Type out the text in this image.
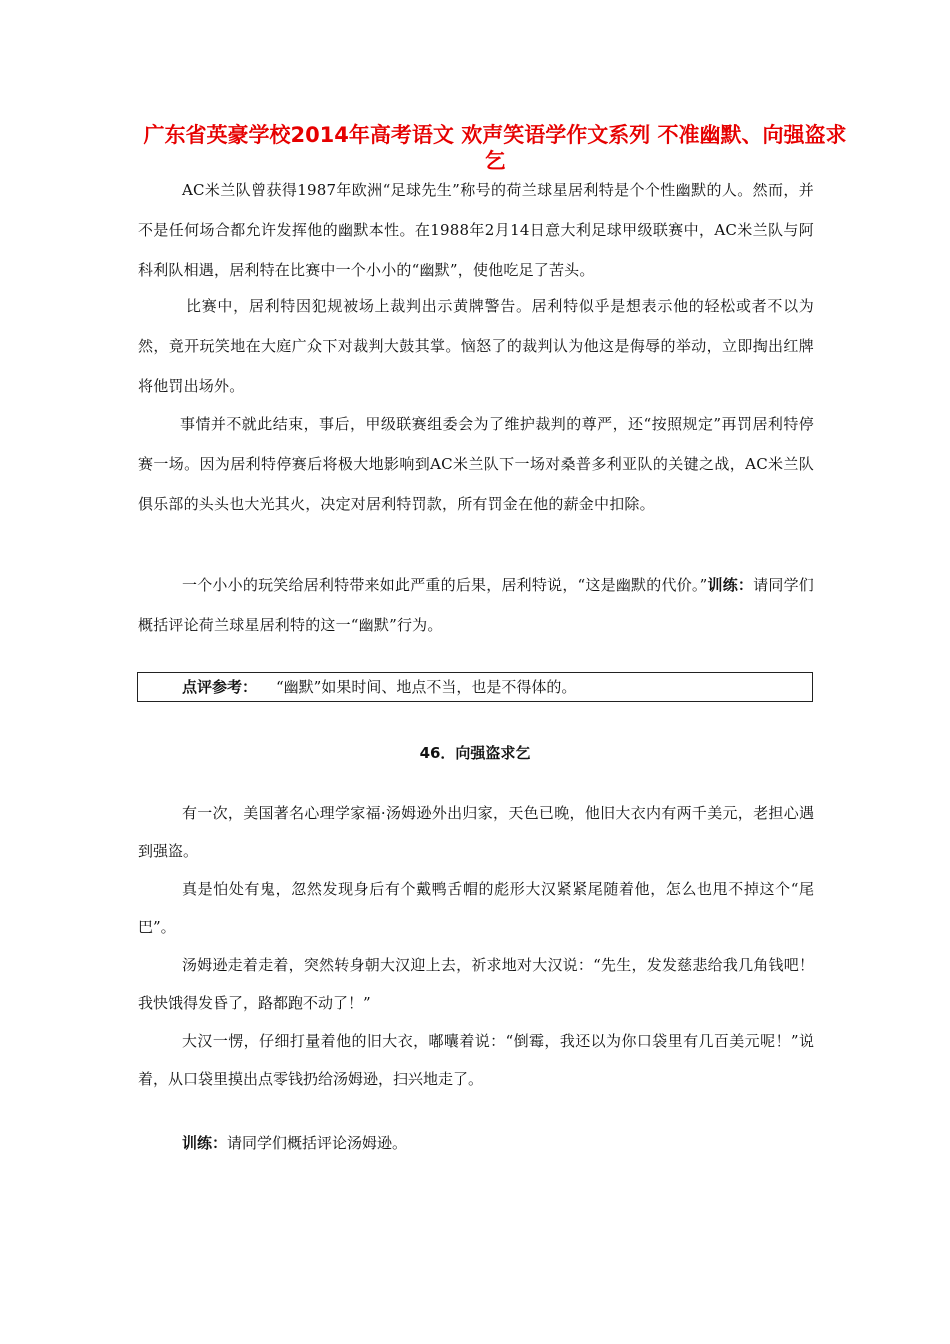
广东省英豪学校2014年高考语文 欢声笑语学作文系列 不准幽默、向强盗求乞

AC米兰队曾获得1987年欧洲“足球先生”称号的荷兰球星居利特是个个性幽默的人。然而，并不是任何场合都允许发挥他的幽默本性。在1988年2月14日意大利足球甲级联赛中，AC米兰队与阿科利队相遇，居利特在比赛中一个小小的“幽默”，使他吃足了苦头。

比赛中，居利特因犯规被场上裁判出示黄牌警告。居利特似乎是想表示他的轻松或者不以为然，竟开玩笑地在大庭广众下对裁判大鼓其掌。恼怒了的裁判认为他这是侮辱的举动，立即掏出红牌将他罚出场外。

事情并不就此结束，事后，甲级联赛组委会为了维护裁判的尊严，还“按照规定”再罚居利特停赛一场。因为居利特停赛后将极大地影响到AC米兰队下一场对桑普多利亚队的关键之战，AC米兰队俱乐部的头头也大光其火，决定对居利特罚款，所有罚金在他的薪金中扣除。

一个小小的玩笑给居利特带来如此严重的后果，居利特说，“这是幽默的代价。”训练：请同学们概括评论荷兰球星居利特的这一“幽默”行为。

点评参考： “幽默”如果时间、地点不当，也是不得体的。
46．向强盗求乞

有一次，美国著名心理学家福·汤姆逊外出归家，天色已晚，他旧大衣内有两千美元，老担心遇到强盗。

真是怕处有鬼，忽然发现身后有个戴鸭舌帽的彪形大汉紧紧尾随着他，怎么也甩不掉这个“尾巴”。

汤姆逊走着走着，突然转身朝大汉迎上去，祈求地对大汉说：“先生，发发慈悲给我几角钱吧！我快饿得发昏了，路都跑不动了！”

大汉一愣，仔细打量着他的旧大衣，嘟囔着说：“倒霉，我还以为你口袋里有几百美元呢！”说着，从口袋里摸出点零钱扔给汤姆逊，扫兴地走了。

训练：请同学们概括评论汤姆逊。
